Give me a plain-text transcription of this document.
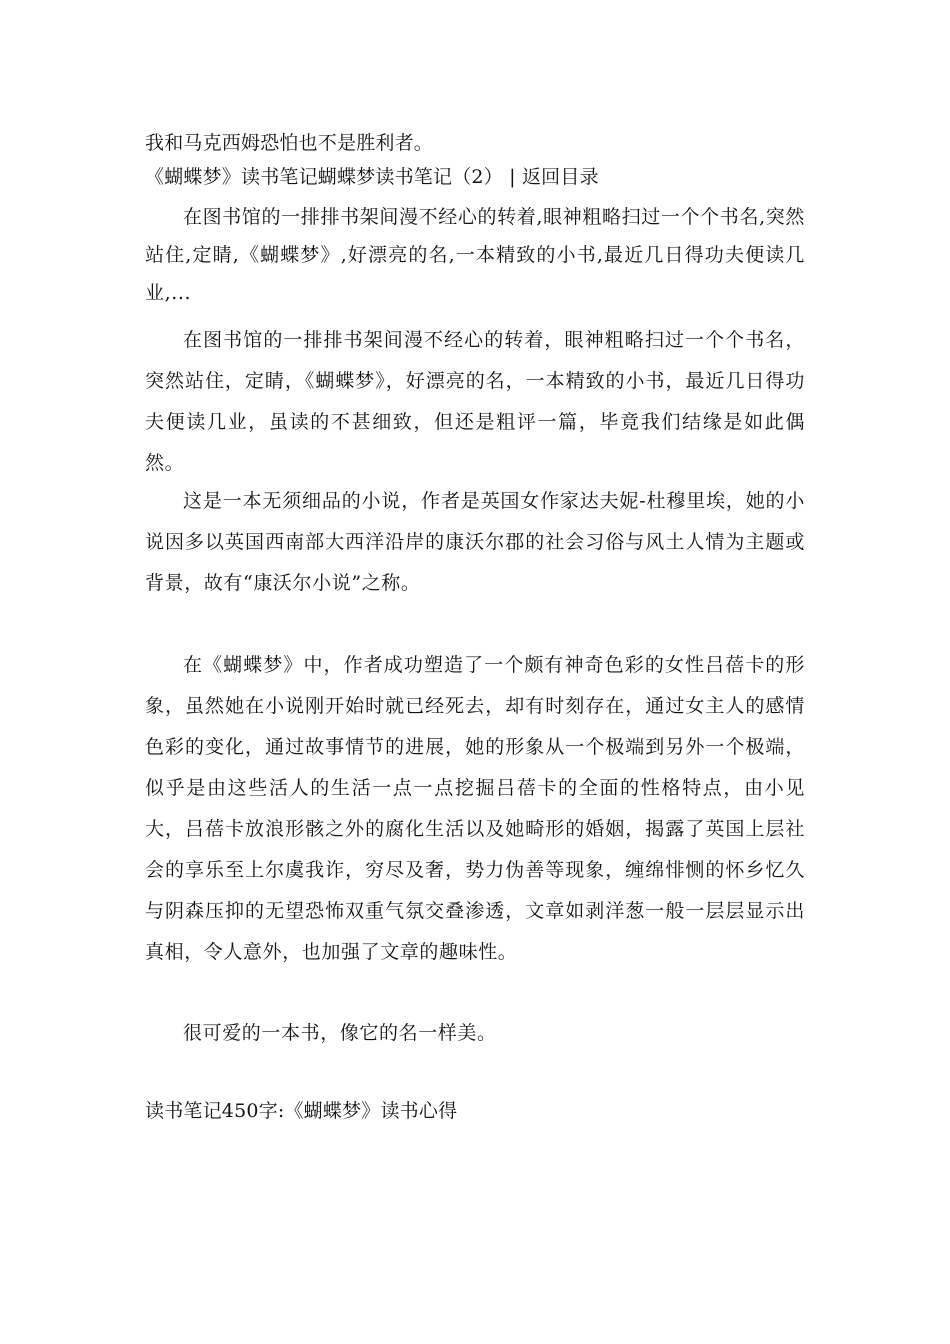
我和马克西姆恐怕也不是胜利者。
《蝴蝶梦》读书笔记蝴蝶梦读书笔记（2） | 返回目录
在图书馆的一排排书架间漫不经心的转着,眼神粗略扫过一个个书名,突然站住,定睛,《蝴蝶梦》,好漂亮的名,一本精致的小书,最近几日得功夫便读几业,...
在图书馆的一排排书架间漫不经心的转着，眼神粗略扫过一个个书名，突然站住，定睛，《蝴蝶梦》，好漂亮的名，一本精致的小书，最近几日得功夫便读几业，虽读的不甚细致，但还是粗评一篇，毕竟我们结缘是如此偶然。
这是一本无须细品的小说，作者是英国女作家达夫妮-杜穆里埃，她的小说因多以英国西南部大西洋沿岸的康沃尔郡的社会习俗与风土人情为主题或背景，故有“康沃尔小说”之称。
在《蝴蝶梦》中，作者成功塑造了一个颇有神奇色彩的女性吕蓓卡的形象，虽然她在小说刚开始时就已经死去，却有时刻存在，通过女主人的感情色彩的变化，通过故事情节的进展，她的形象从一个极端到另外一个极端，似乎是由这些活人的生活一点一点挖掘吕蓓卡的全面的性格特点，由小见大，吕蓓卡放浪形骸之外的腐化生活以及她畸形的婚姻，揭露了英国上层社会的享乐至上尔虞我诈，穷尽及奢，势力伪善等现象，缠绵悱恻的怀乡忆久与阴森压抑的无望恐怖双重气氛交叠渗透，文章如剥洋葱一般一层层显示出真相，令人意外，也加强了文章的趣味性。
很可爱的一本书，像它的名一样美。
读书笔记450字:《蝴蝶梦》读书心得
